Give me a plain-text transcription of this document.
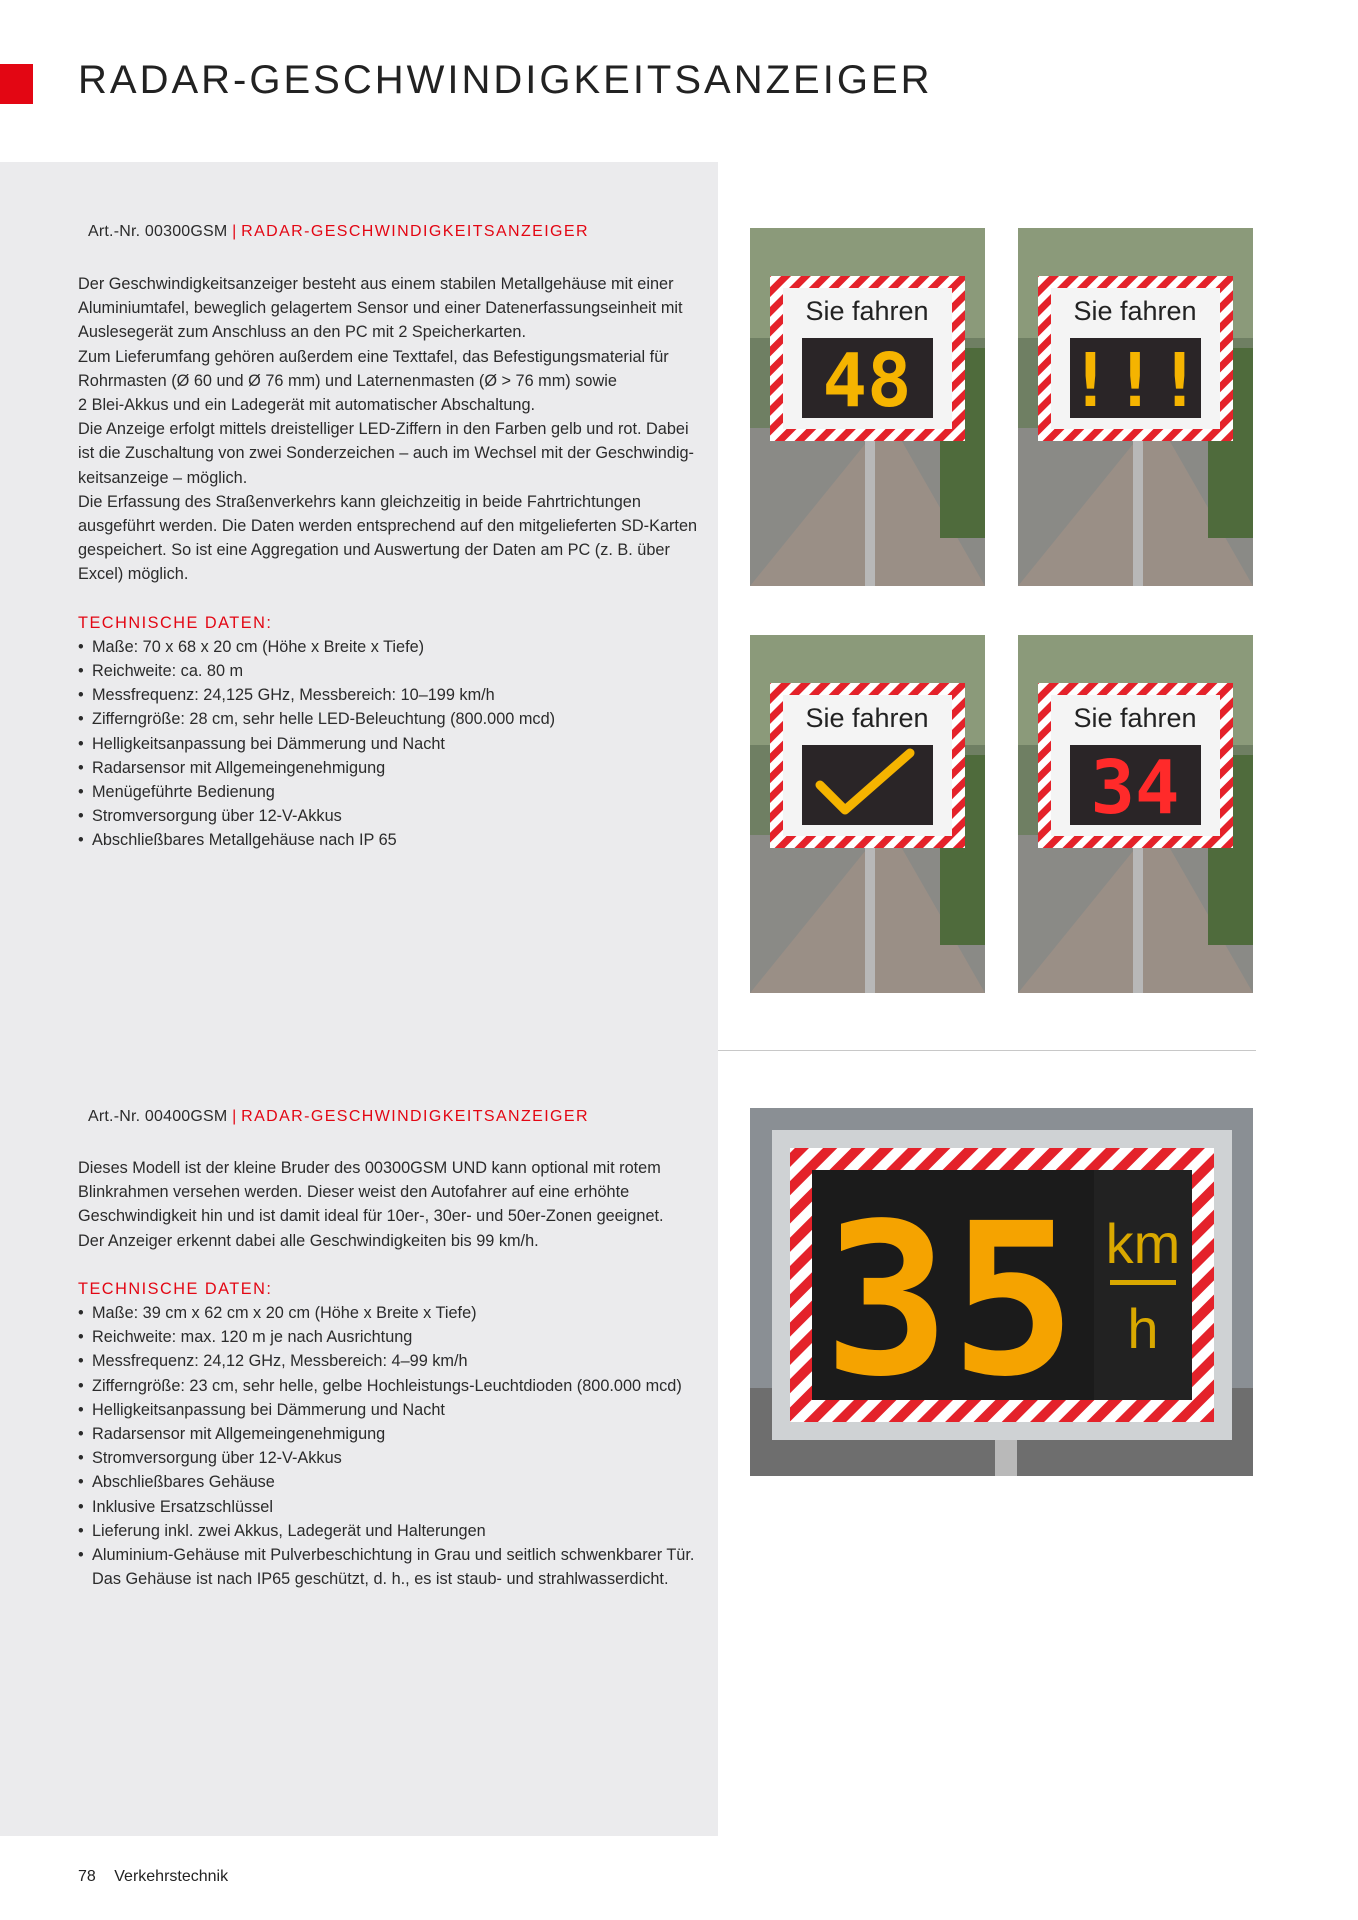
RADAR-GESCHWINDIGKEITSANZEIGER
Art.-Nr. 00300GSM | RADAR-GESCHWINDIGKEITSANZEIGER

Der Geschwindigkeitsanzeiger besteht aus einem stabilen Metallgehäuse mit einer

Aluminiumtafel, beweglich gelagertem Sensor und einer Datenerfassungseinheit mit

Auslesegerät zum Anschluss an den PC mit 2 Speicherkarten.

Zum Lieferumfang gehören außerdem eine Texttafel, das Befestigungsmaterial für

Rohrmasten (Ø 60 und Ø 76 mm) und Laternenmasten (Ø > 76 mm) sowie

2 Blei-Akkus und ein Ladegerät mit automatischer Abschaltung.

Die Anzeige erfolgt mittels dreistelliger LED-Ziffern in den Farben gelb und rot. Dabei

ist die Zuschaltung von zwei Sonderzeichen – auch im Wechsel mit der Geschwindig-

keitsanzeige – möglich.

Die Erfassung des Straßenverkehrs kann gleichzeitig in beide Fahrtrichtungen

ausgeführt werden. Die Daten werden entsprechend auf den mitgelieferten SD-Karten

gespeichert. So ist eine Aggregation und Auswertung der Daten am PC (z. B. über

Excel) möglich.

TECHNISCHE DATEN:
• Maße: 70 x 68 x 20 cm (Höhe x Breite x Tiefe)
• Reichweite: ca. 80 m
• Messfrequenz: 24,125 GHz, Messbereich: 10–199 km/h
• Zifferngröße: 28 cm, sehr helle LED-Beleuchtung (800.000 mcd)
• Helligkeitsanpassung bei Dämmerung und Nacht
• Radarsensor mit Allgemeingenehmigung
• Menügeführte Bedienung
• Stromversorgung über 12-V-Akkus
• Abschließbares Metallgehäuse nach IP 65
Sie fahren
48
Sie fahren
!!!
Sie fahren	Sie fahren
34
Art.-Nr. 00400GSM | RADAR-GESCHWINDIGKEITSANZEIGER

Dieses Modell ist der kleine Bruder des 00300GSM UND kann optional mit rotem

Blinkrahmen versehen werden. Dieser weist den Autofahrer auf eine erhöhte

Geschwindigkeit hin und ist damit ideal für 10er-, 30er- und 50er-Zonen geeignet.

Der Anzeiger erkennt dabei alle Geschwindigkeiten bis 99 km/h.

TECHNISCHE DATEN:
• Maße: 39 cm x 62 cm x 20 cm (Höhe x Breite x Tiefe)
• Reichweite: max. 120 m je nach Ausrichtung
• Messfrequenz: 24,12 GHz, Messbereich: 4–99 km/h
• Zifferngröße: 23 cm, sehr helle, gelbe Hochleistungs-Leuchtdioden (800.000 mcd)
• Helligkeitsanpassung bei Dämmerung und Nacht
• Radarsensor mit Allgemeingenehmigung
• Stromversorgung über 12-V-Akkus
• Abschließbares Gehäuse
• Inklusive Ersatzschlüssel
• Lieferung inkl. zwei Akkus, Ladegerät und Halterungen
• Aluminium-Gehäuse mit Pulverbeschichtung in Grau und seitlich schwenkbarer Tür. Das Gehäuse ist nach IP65 geschützt, d. h., es ist staub- und strahlwasserdicht.
35 km
h
78 Verkehrstechnik
